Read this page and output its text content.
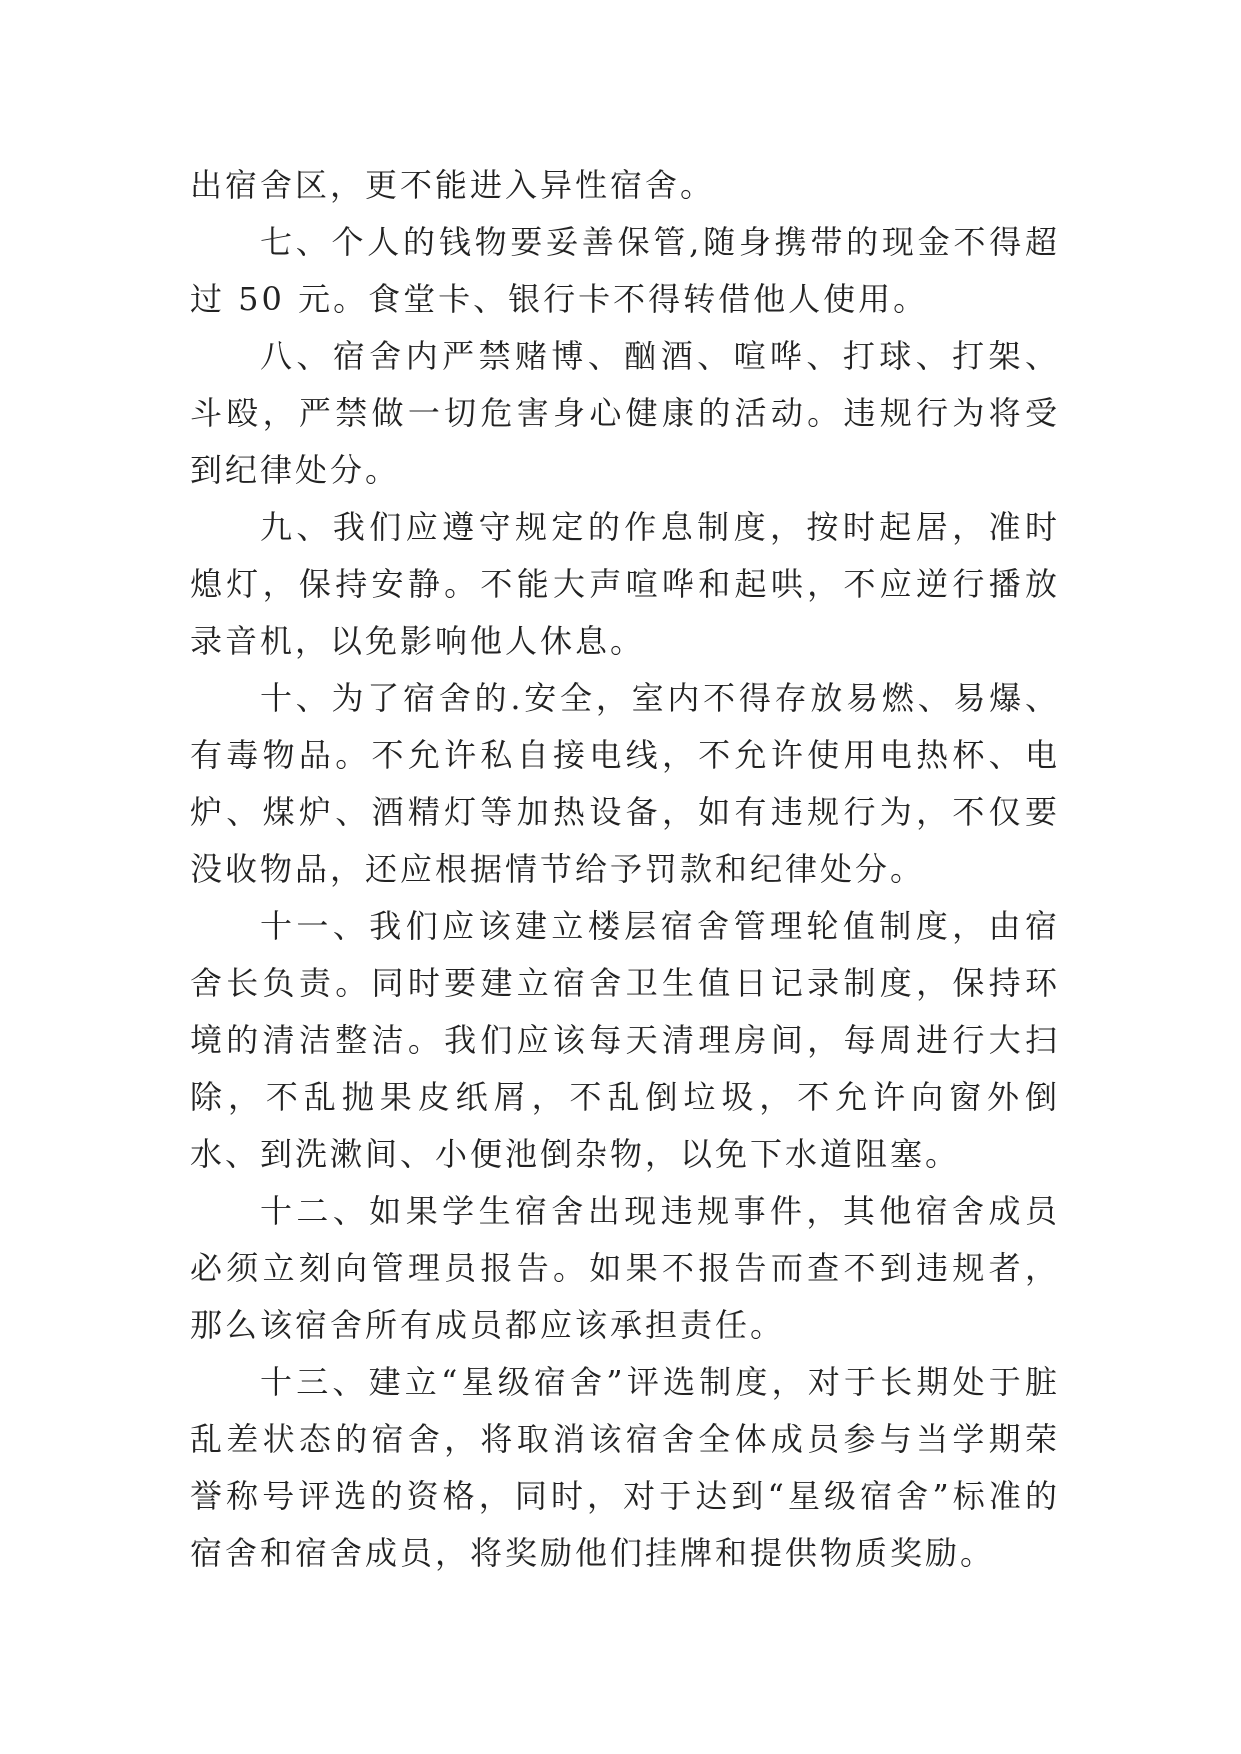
出宿舍区，更不能进入异性宿舍。

七、个人的钱物要妥善保管,随身携带的现金不得超过 50 元。食堂卡、银行卡不得转借他人使用。

八、宿舍内严禁赌博、酗酒、喧哗、打球、打架、斗殴，严禁做一切危害身心健康的活动。违规行为将受到纪律处分。

九、我们应遵守规定的作息制度，按时起居，准时熄灯，保持安静。不能大声喧哗和起哄，不应逆行播放录音机，以免影响他人休息。

十、为了宿舍的.安全，室内不得存放易燃、易爆、有毒物品。不允许私自接电线，不允许使用电热杯、电炉、煤炉、酒精灯等加热设备，如有违规行为，不仅要没收物品，还应根据情节给予罚款和纪律处分。

十一、我们应该建立楼层宿舍管理轮值制度，由宿舍长负责。同时要建立宿舍卫生值日记录制度，保持环境的清洁整洁。我们应该每天清理房间，每周进行大扫除，不乱抛果皮纸屑，不乱倒垃圾，不允许向窗外倒水、到洗漱间、小便池倒杂物，以免下水道阻塞。

十二、如果学生宿舍出现违规事件，其他宿舍成员必须立刻向管理员报告。如果不报告而查不到违规者，那么该宿舍所有成员都应该承担责任。

十三、建立“星级宿舍”评选制度，对于长期处于脏乱差状态的宿舍，将取消该宿舍全体成员参与当学期荣誉称号评选的资格，同时，对于达到“星级宿舍”标准的宿舍和宿舍成员，将奖励他们挂牌和提供物质奖励。
